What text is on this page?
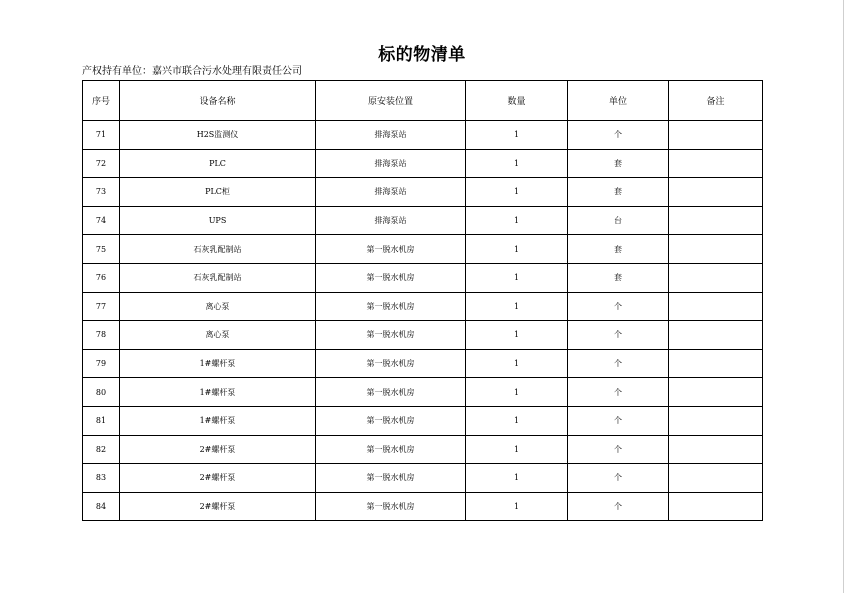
标的物清单
产权持有单位：嘉兴市联合污水处理有限责任公司
序号	设备名称	原安装位置	数量	单位	备注
71	H2S监测仪	排海泵站	1	个	
72	PLC	排海泵站	1	套	
73	PLC柜	排海泵站	1	套	
74	UPS	排海泵站	1	台	
75	石灰乳配制站	第一脱水机房	1	套	
76	石灰乳配制站	第一脱水机房	1	套	
77	离心泵	第一脱水机房	1	个	
78	离心泵	第一脱水机房	1	个	
79	1#螺杆泵	第一脱水机房	1	个	
80	1#螺杆泵	第一脱水机房	1	个	
81	1#螺杆泵	第一脱水机房	1	个	
82	2#螺杆泵	第一脱水机房	1	个	
83	2#螺杆泵	第一脱水机房	1	个	
84	2#螺杆泵	第一脱水机房	1	个	
